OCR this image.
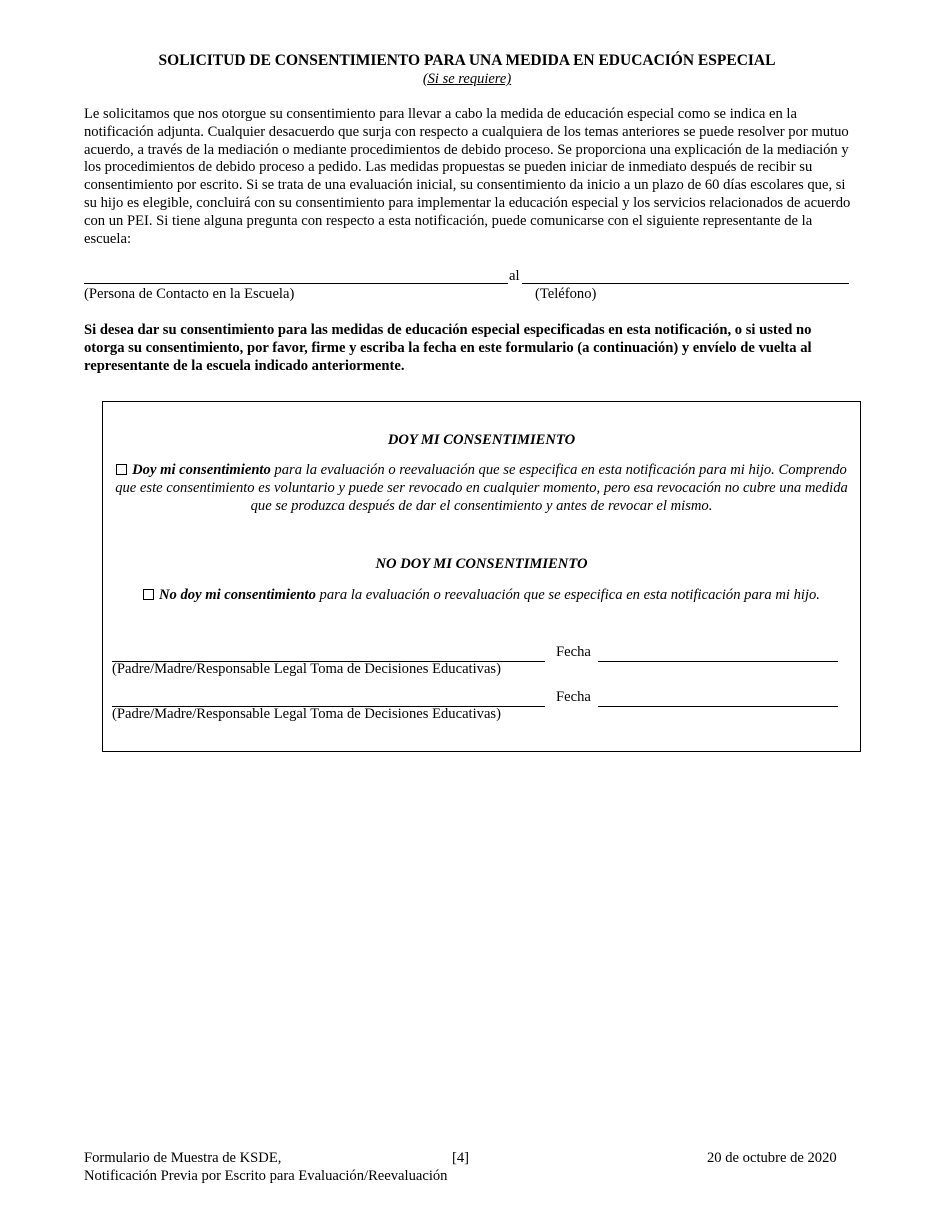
SOLICITUD DE CONSENTIMIENTO PARA UNA MEDIDA EN EDUCACIÓN ESPECIAL
(Si se requiere)

Le solicitamos que nos otorgue su consentimiento para llevar a cabo la medida de educación especial como se indica en la notificación adjunta. Cualquier desacuerdo que surja con respecto a cualquiera de los temas anteriores se puede resolver por mutuo acuerdo, a través de la mediación o mediante procedimientos de debido proceso. Se proporciona una explicación de la mediación y los procedimientos de debido proceso a pedido. Las medidas propuestas se pueden iniciar de inmediato después de recibir su consentimiento por escrito. Si se trata de una evaluación inicial, su consentimiento da inicio a un plazo de 60 días escolares que, si su hijo es elegible, concluirá con su consentimiento para implementar la educación especial y los servicios relacionados de acuerdo con un PEI. Si tiene alguna pregunta con respecto a esta notificación, puede comunicarse con el siguiente representante de la escuela:

al
(Persona de Contacto en la Escuela)	(Teléfono)

Si desea dar su consentimiento para las medidas de educación especial especificadas en esta notificación, o si usted no otorga su consentimiento, por favor, firme y escriba la fecha en este formulario (a continuación) y envíelo de vuelta al representante de la escuela indicado anteriormente.

DOY MI CONSENTIMIENTO
Doy mi consentimiento para la evaluación o reevaluación que se especifica en esta notificación para mi hijo. Comprendo que este consentimiento es voluntario y puede ser revocado en cualquier momento, pero esa revocación no cubre una medida que se produzca después de dar el consentimiento y antes de revocar el mismo.
NO DOY MI CONSENTIMIENTO
No doy mi consentimiento para la evaluación o reevaluación que se especifica en esta notificación para mi hijo.
Fecha
(Padre/Madre/Responsable Legal Toma de Decisiones Educativas)
Fecha
(Padre/Madre/Responsable Legal Toma de Decisiones Educativas)
Formulario de Muestra de KSDE,
Notificación Previa por Escrito para Evaluación/Reevaluación
[4]	20 de octubre de 2020
